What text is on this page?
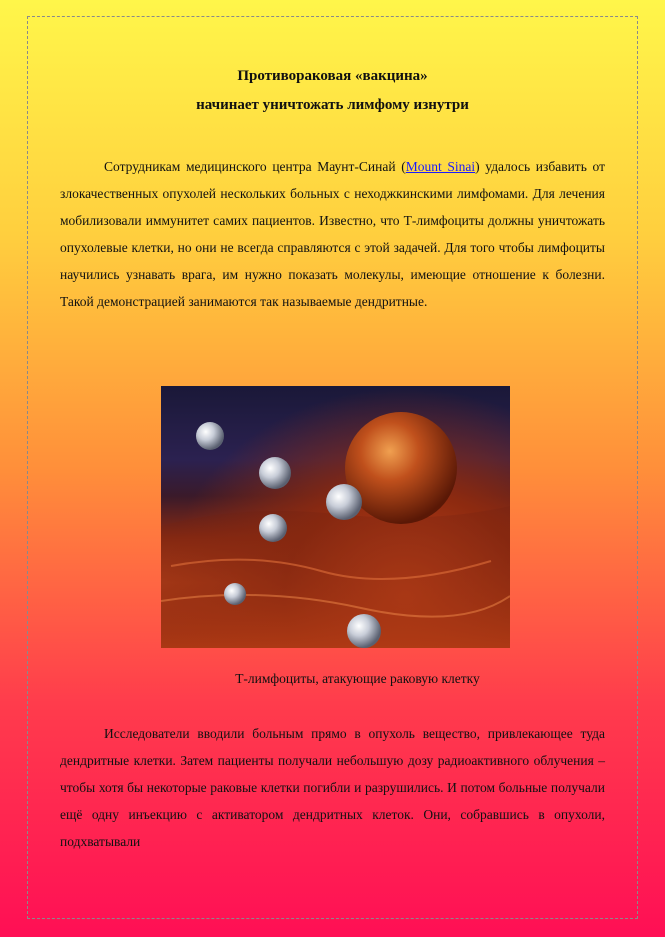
Противораковая «вакцина»
начинает уничтожать лимфому изнутри

Сотрудникам медицинского центра Маунт-Синай (Mount Sinai) удалось избавить от злокачественных опухолей нескольких больных с неходжкинскими лимфомами. Для лечения мобилизовали иммунитет самих пациентов. Известно, что Т-лимфоциты должны уничтожать опухолевые клетки, но они не всегда справляются с этой задачей. Для того чтобы лимфоциты научились узнавать врага, им нужно показать молекулы, имеющие отношение к болезни. Такой демонстрацией занимаются так называемые дендритные.

Т-лимфоциты, атакующие раковую клетку

Исследователи вводили больным прямо в опухоль вещество, привлекающее туда дендритные клетки. Затем пациенты получали небольшую дозу радиоактивного облучения – чтобы хотя бы некоторые раковые клетки погибли и разрушились. И потом больные получали ещё одну инъекцию с активатором дендритных клеток. Они, собравшись в опухоли, подхватывали
